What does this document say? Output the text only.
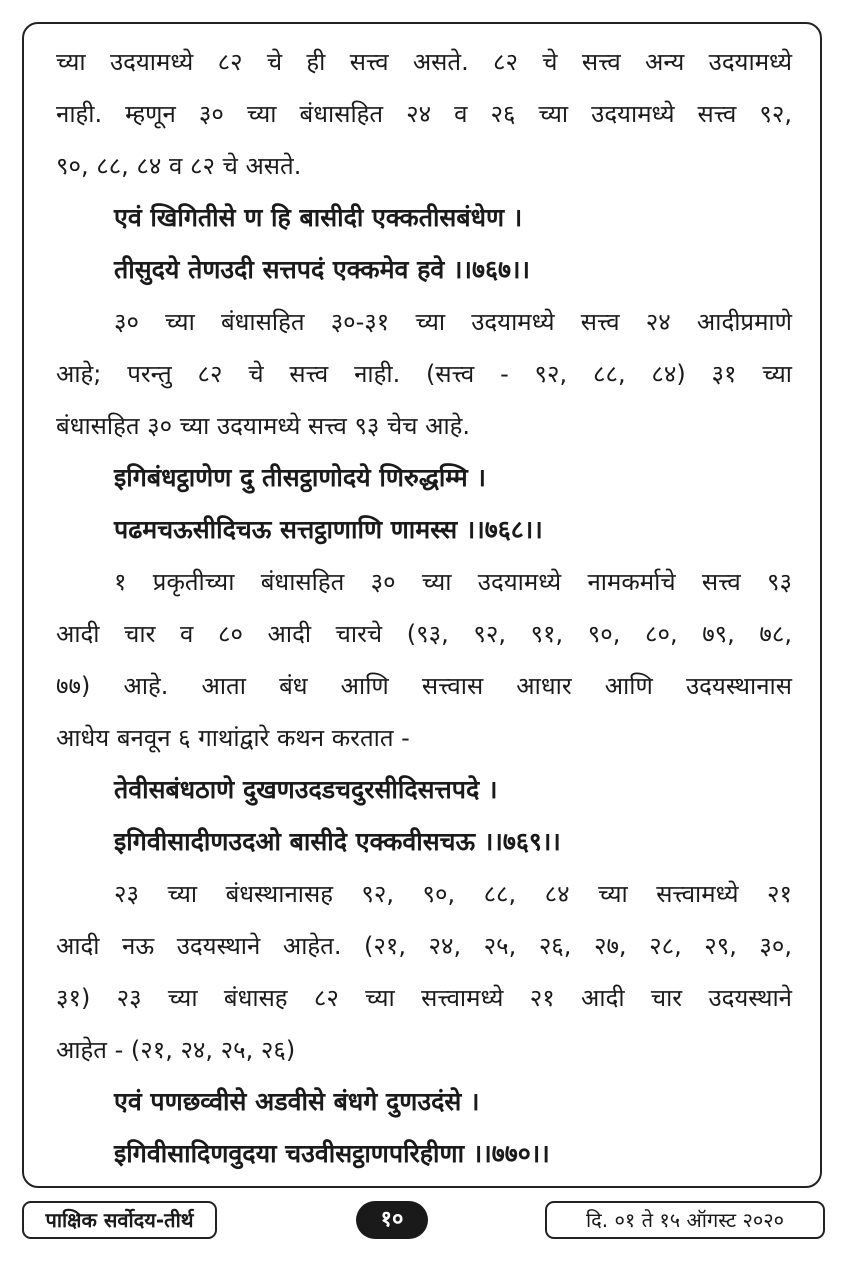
च्या उदयामध्ये ८२ चे ही सत्त्व असते. ८२ चे सत्त्व अन्य उदयामध्ये
नाही. म्हणून ३० च्या बंधासहित २४ व २६ च्या उदयामध्ये सत्त्व ९२,
९०, ८८, ८४ व ८२ चे असते.
एवं खिगितीसे ण हि बासीदी एक्कतीसबंधेण ।
तीसुदये तेणउदी सत्तपदं एक्कमेव हवे ।।७६७।।
३० च्या बंधासहित ३०-३१ च्या उदयामध्ये सत्त्व २४ आदीप्रमाणे
आहे; परन्तु ८२ चे सत्त्व नाही. (सत्त्व - ९२, ८८, ८४) ३१ च्या
बंधासहित ३० च्या उदयामध्ये सत्त्व ९३ चेच आहे.
इगिबंधट्ठाणेण दु तीसट्ठाणोदये णिरुद्धम्मि ।
पढमचऊसीदिचऊ सत्तट्ठाणाणि णामस्स ।।७६८।।
१ प्रकृतीच्या बंधासहित ३० च्या उदयामध्ये नामकर्माचे सत्त्व ९३
आदी चार व ८० आदी चारचे (९३, ९२, ९१, ९०, ८०, ७९, ७८,
७७) आहे. आता बंध आणि सत्त्वास आधार आणि उदयस्थानास
आधेय बनवून ६ गाथांद्वारे कथन करतात -
तेवीसबंधठाणे दुखणउदडचदुरसीदिसत्तपदे ।
इगिवीसादीणउदओ बासीदे एक्कवीसचऊ ।।७६९।।
२३ च्या बंधस्थानासह ९२, ९०, ८८, ८४ च्या सत्त्वामध्ये २१
आदी नऊ उदयस्थाने आहेत. (२१, २४, २५, २६, २७, २८, २९, ३०,
३१) २३ च्या बंधासह ८२ च्या सत्त्वामध्ये २१ आदी चार उदयस्थाने
आहेत - (२१, २४, २५, २६)
एवं पणछव्वीसे अडवीसे बंधगे दुणउदंसे ।
इगिवीसादिणवुदया चउवीसट्ठाणपरिहीणा ।।७७०।।
पाक्षिक सर्वोदय-तीर्थ	१०	दि. ०१ ते १५ ऑगस्ट २०२०
